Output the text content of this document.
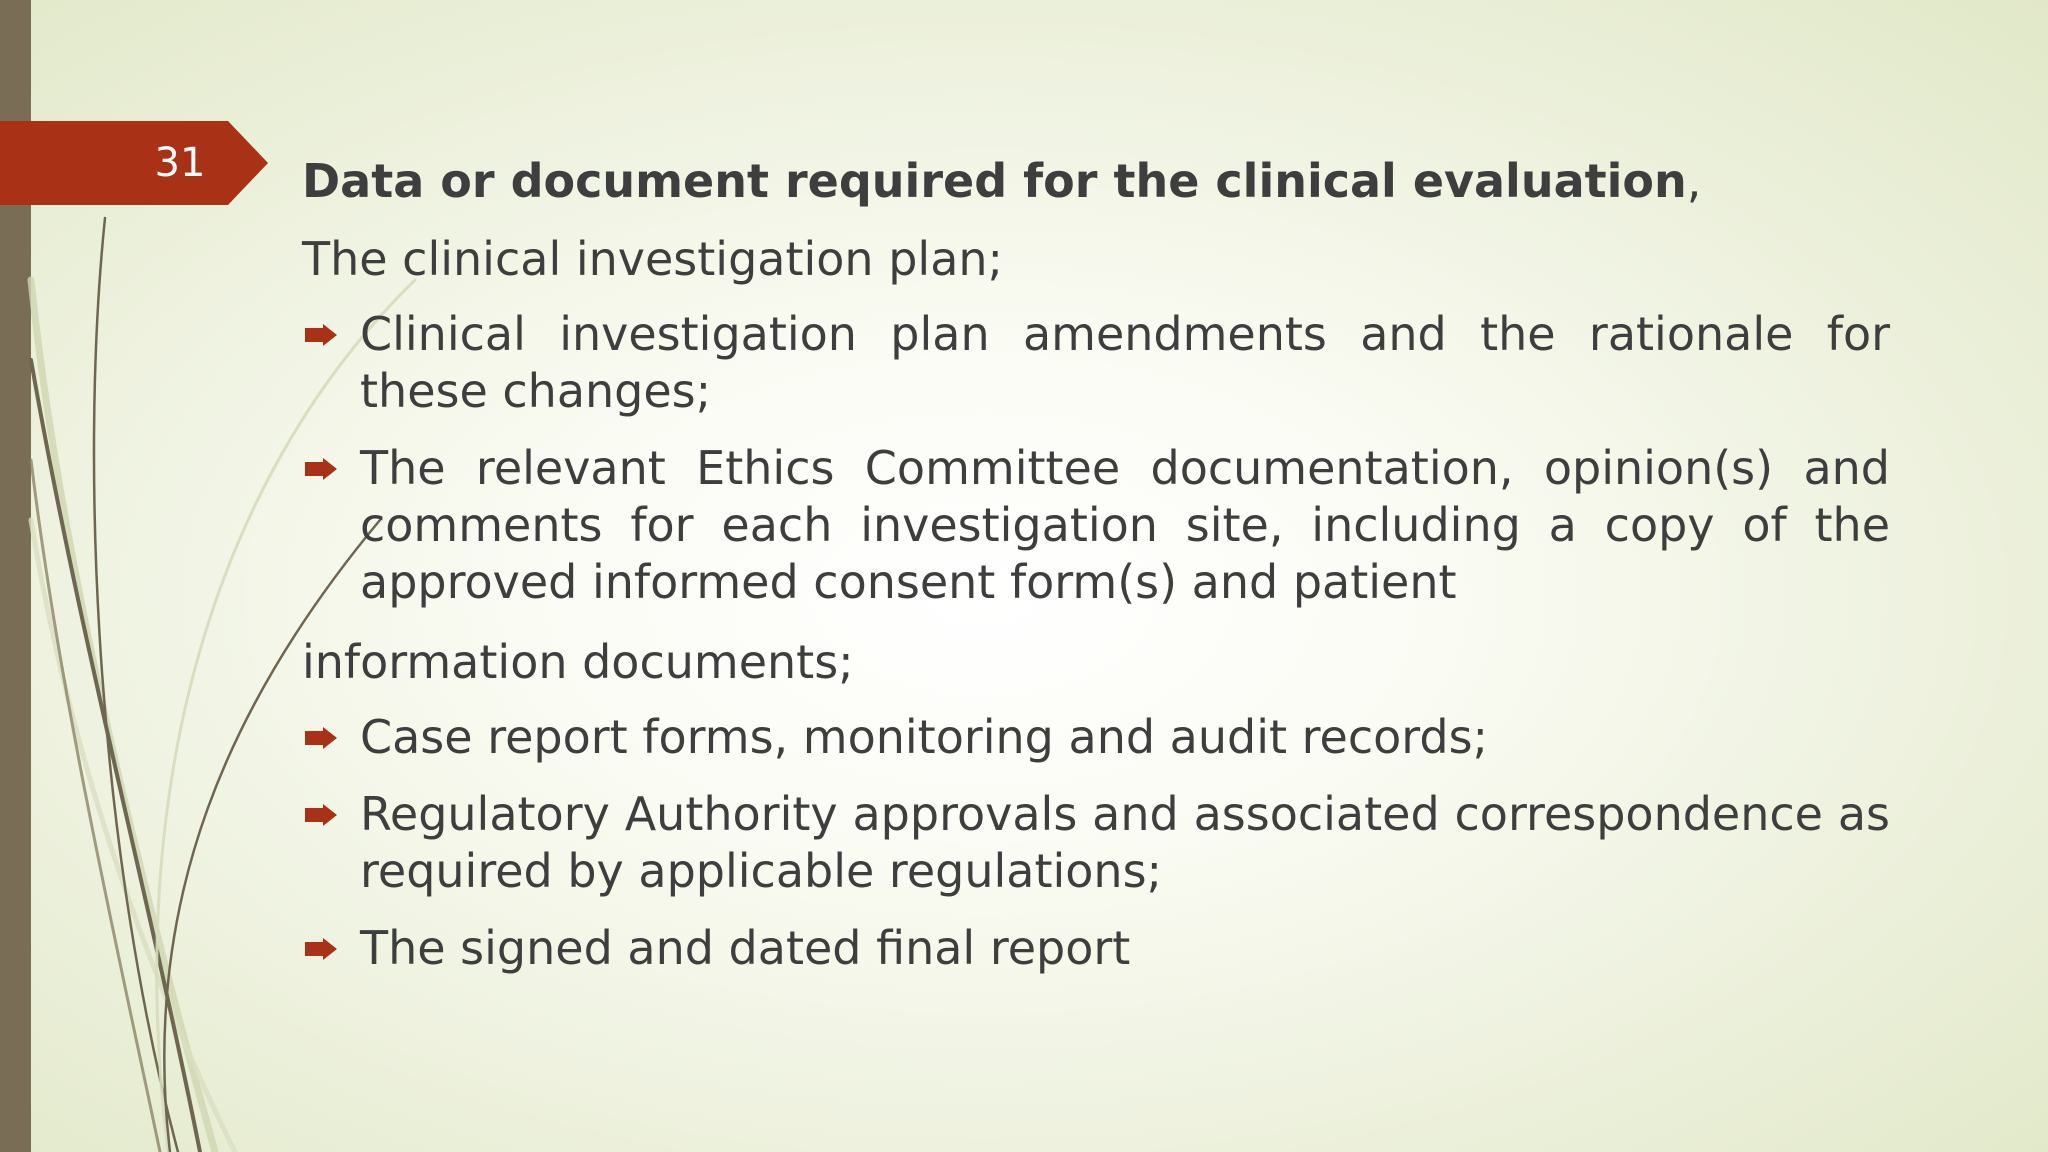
31	Data or document required for the clinical evaluation,
The clinical investigation plan;
Clinical investigation plan amendments and the rationale for these changes;
The relevant Ethics Committee documentation, opinion(s) and comments for each investigation site, including a copy of the approved informed consent form(s) and patient
information documents;
Case report forms, monitoring and audit records;
Regulatory Authority approvals and associated correspondence as required by applicable regulations;
The signed and dated final report
